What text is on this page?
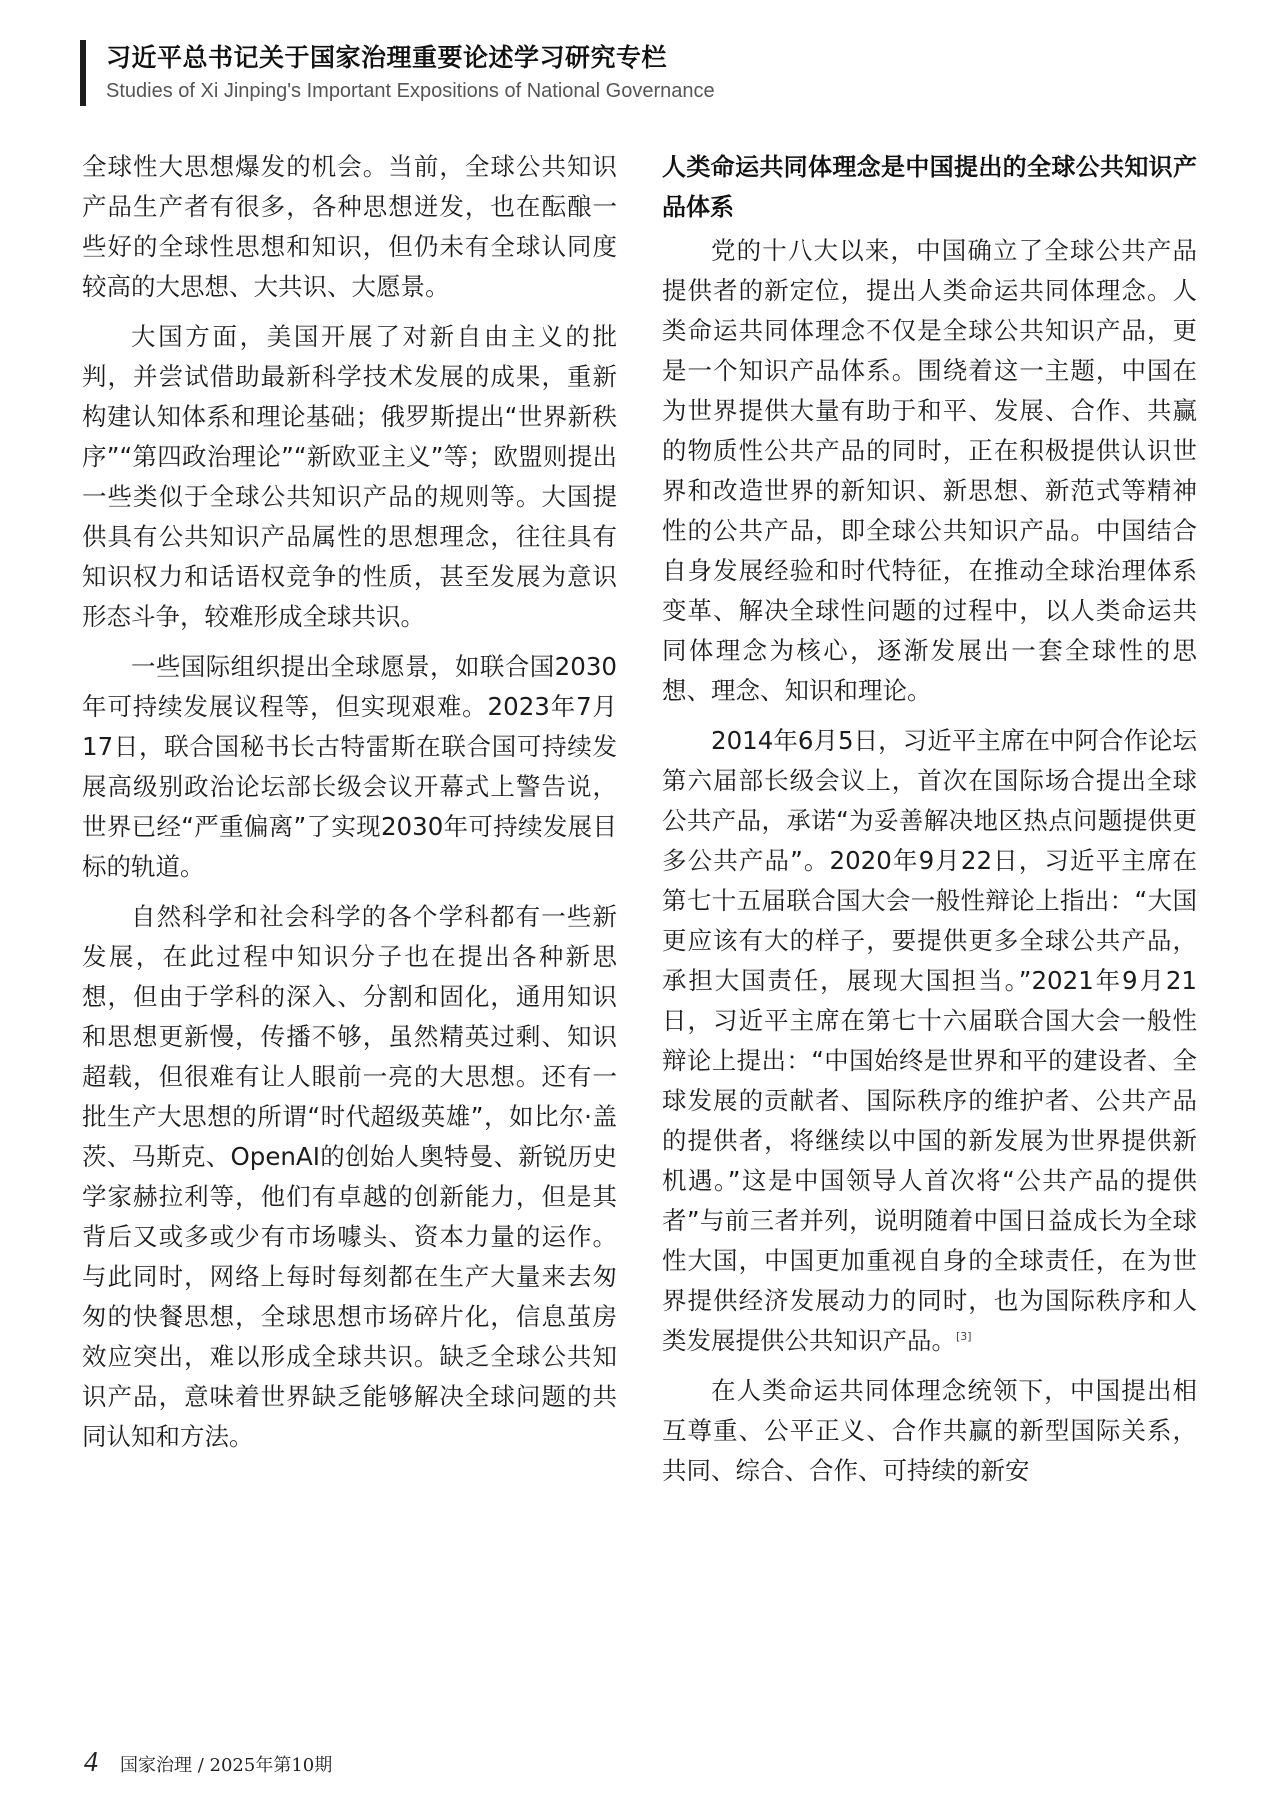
习近平总书记关于国家治理重要论述学习研究专栏
Studies of Xi Jinping's Important Expositions of National Governance

全球性大思想爆发的机会。当前，全球公共知识产品生产者有很多，各种思想迸发，也在酝酿一些好的全球性思想和知识，但仍未有全球认同度较高的大思想、大共识、大愿景。

大国方面，美国开展了对新自由主义的批判，并尝试借助最新科学技术发展的成果，重新构建认知体系和理论基础；俄罗斯提出“世界新秩序”“第四政治理论”“新欧亚主义”等；欧盟则提出一些类似于全球公共知识产品的规则等。大国提供具有公共知识产品属性的思想理念，往往具有知识权力和话语权竞争的性质，甚至发展为意识形态斗争，较难形成全球共识。

一些国际组织提出全球愿景，如联合国2030年可持续发展议程等，但实现艰难。2023年7月17日，联合国秘书长古特雷斯在联合国可持续发展高级别政治论坛部长级会议开幕式上警告说，世界已经“严重偏离”了实现2030年可持续发展目标的轨道。

自然科学和社会科学的各个学科都有一些新发展，在此过程中知识分子也在提出各种新思想，但由于学科的深入、分割和固化，通用知识和思想更新慢，传播不够，虽然精英过剩、知识超载，但很难有让人眼前一亮的大思想。还有一批生产大思想的所谓“时代超级英雄”，如比尔·盖茨、马斯克、OpenAI的创始人奥特曼、新锐历史学家赫拉利等，他们有卓越的创新能力，但是其背后又或多或少有市场噱头、资本力量的运作。与此同时，网络上每时每刻都在生产大量来去匆匆的快餐思想，全球思想市场碎片化，信息茧房效应突出，难以形成全球共识。缺乏全球公共知识产品，意味着世界缺乏能够解决全球问题的共同认知和方法。

人类命运共同体理念是中国提出的全球公共知识产品体系

党的十八大以来，中国确立了全球公共产品提供者的新定位，提出人类命运共同体理念。人类命运共同体理念不仅是全球公共知识产品，更是一个知识产品体系。围绕着这一主题，中国在为世界提供大量有助于和平、发展、合作、共赢的物质性公共产品的同时，正在积极提供认识世界和改造世界的新知识、新思想、新范式等精神性的公共产品，即全球公共知识产品。中国结合自身发展经验和时代特征，在推动全球治理体系变革、解决全球性问题的过程中，以人类命运共同体理念为核心，逐渐发展出一套全球性的思想、理念、知识和理论。

2014年6月5日，习近平主席在中阿合作论坛第六届部长级会议上，首次在国际场合提出全球公共产品，承诺“为妥善解决地区热点问题提供更多公共产品”。2020年9月22日，习近平主席在第七十五届联合国大会一般性辩论上指出：“大国更应该有大的样子，要提供更多全球公共产品，承担大国责任，展现大国担当。”2021年9月21日，习近平主席在第七十六届联合国大会一般性辩论上提出：“中国始终是世界和平的建设者、全球发展的贡献者、国际秩序的维护者、公共产品的提供者，将继续以中国的新发展为世界提供新机遇。”这是中国领导人首次将“公共产品的提供者”与前三者并列，说明随着中国日益成长为全球性大国，中国更加重视自身的全球责任，在为世界提供经济发展动力的同时，也为国际秩序和人类发展提供公共知识产品。[3]

在人类命运共同体理念统领下，中国提出相互尊重、公平正义、合作共赢的新型国际关系，共同、综合、合作、可持续的新安

4 国家治理 / 2025年第10期
